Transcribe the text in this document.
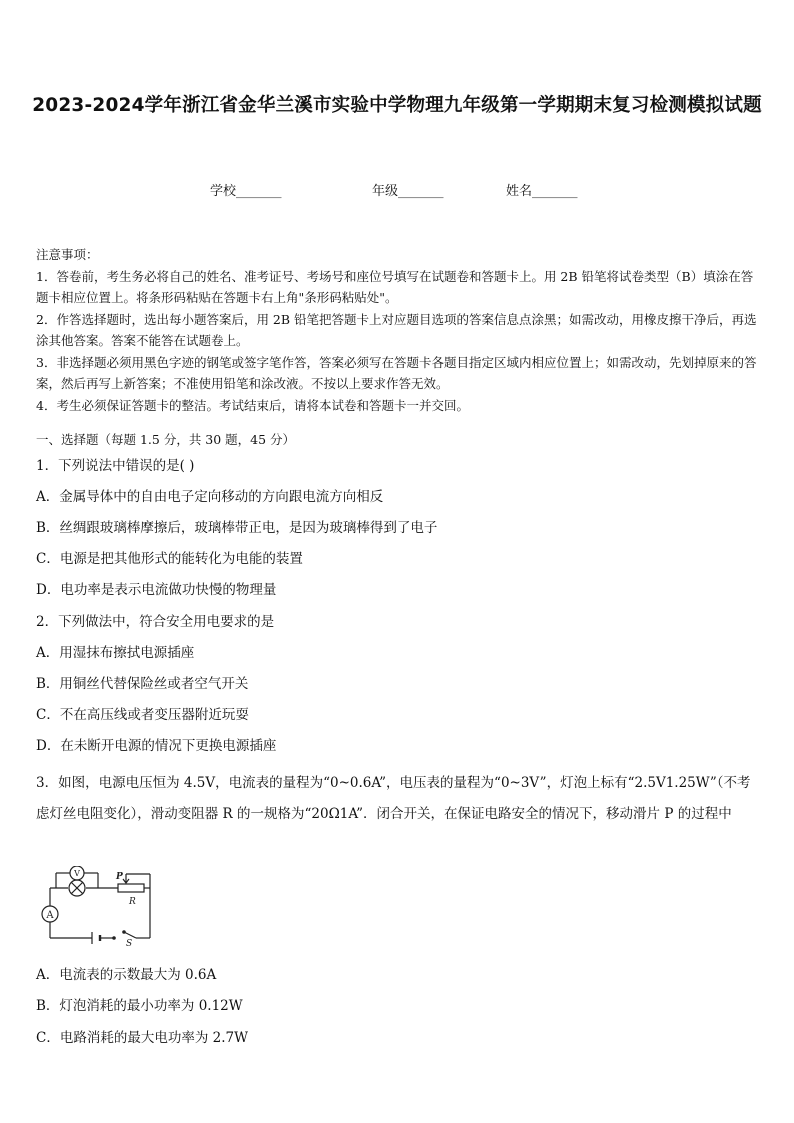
2023-2024学年浙江省金华兰溪市实验中学物理九年级第一学期期末复习检测模拟试题
学校_______	年级_______	姓名_______

注意事项：

1．答卷前，考生务必将自己的姓名、准考证号、考场号和座位号填写在试题卷和答题卡上。用 2B 铅笔将试卷类型（B）填涂在答题卡相应位置上。将条形码粘贴在答题卡右上角"条形码粘贴处"。

2．作答选择题时，选出每小题答案后，用 2B 铅笔把答题卡上对应题目选项的答案信息点涂黑；如需改动，用橡皮擦干净后，再选涂其他答案。答案不能答在试题卷上。

3．非选择题必须用黑色字迹的钢笔或签字笔作答，答案必须写在答题卡各题目指定区域内相应位置上；如需改动，先划掉原来的答案，然后再写上新答案；不准使用铅笔和涂改液。不按以上要求作答无效。

4．考生必须保证答题卡的整洁。考试结束后，请将本试卷和答题卡一并交回。

一、选择题（每题 1.5 分，共 30 题，45 分）
1．下列说法中错误的是( )
A．金属导体中的自由电子定向移动的方向跟电流方向相反
B．丝绸跟玻璃棒摩擦后，玻璃棒带正电，是因为玻璃棒得到了电子
C．电源是把其他形式的能转化为电能的装置
D．电功率是表示电流做功快慢的物理量
2．下列做法中，符合安全用电要求的是
A．用湿抹布擦拭电源插座
B．用铜丝代替保险丝或者空气开关
C．不在高压线或者变压器附近玩耍
D．在未断开电源的情况下更换电源插座
3．如图，电源电压恒为 4.5V，电流表的量程为“0~0.6A”，电压表的量程为“0~3V”，灯泡上标有“2.5V1.25W”（不考虑灯丝电阻变化），滑动变阻器 R 的一规格为“20Ω1A”．闭合开关，在保证电路安全的情况下，移动滑片 P 的过程中
V
A
P
R
S
A．电流表的示数最大为 0.6A
B．灯泡消耗的最小功率为 0.12W
C．电路消耗的最大电功率为 2.7W
